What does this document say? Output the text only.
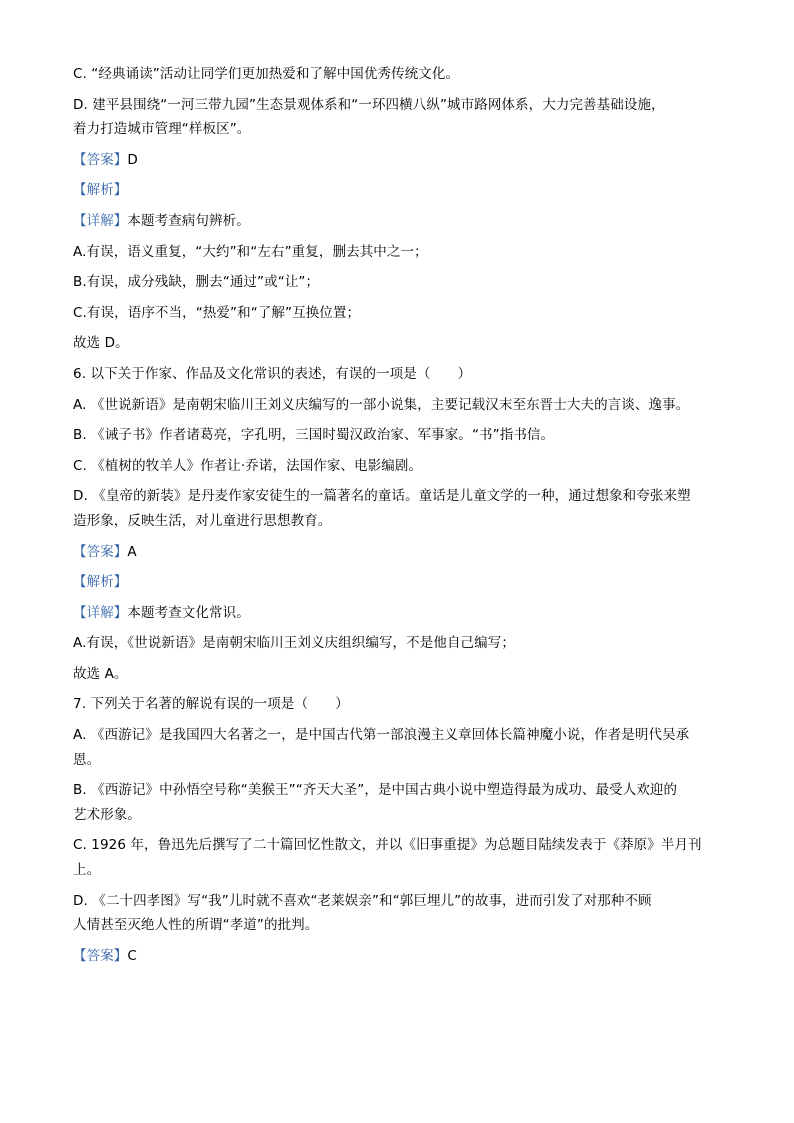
C. “经典诵读”活动让同学们更加热爱和了解中国优秀传统文化。
D. 建平县围绕“一河三带九园”生态景观体系和“一环四横八纵”城市路网体系，大力完善基础设施，
着力打造城市管理“样板区”。
【答案】D
【解析】
【详解】本题考查病句辨析。
A.有误，语义重复，“大约”和“左右”重复，删去其中之一；
B.有误，成分残缺，删去“通过”或“让”；
C.有误，语序不当，“热爱”和“了解”互换位置；
故选 D。
6. 以下关于作家、作品及文化常识的表述，有误的一项是（　　）
A. 《世说新语》是南朝宋临川王刘义庆编写的一部小说集，主要记载汉末至东晋士大夫的言谈、逸事。
B. 《诫子书》作者诸葛亮，字孔明，三国时蜀汉政治家、军事家。“书”指书信。
C. 《植树的牧羊人》作者让·乔诺，法国作家、电影编剧。
D. 《皇帝的新装》是丹麦作家安徒生的一篇著名的童话。童话是儿童文学的一种，通过想象和夸张来塑
造形象，反映生活，对儿童进行思想教育。
【答案】A
【解析】
【详解】本题考查文化常识。
A.有误，《世说新语》是南朝宋临川王刘义庆组织编写，不是他自己编写；
故选 A。
7. 下列关于名著的解说有误的一项是（　　）
A. 《西游记》是我国四大名著之一，是中国古代第一部浪漫主义章回体长篇神魔小说，作者是明代吴承
恩。
B. 《西游记》中孙悟空号称“美猴王”“齐天大圣”，是中国古典小说中塑造得最为成功、最受人欢迎的
艺术形象。
C. 1926 年，鲁迅先后撰写了二十篇回忆性散文，并以《旧事重提》为总题目陆续发表于《莽原》半月刊
上。
D. 《二十四孝图》写“我”儿时就不喜欢“老莱娱亲”和“郭巨埋儿”的故事，进而引发了对那种不顾
人情甚至灭绝人性的所谓“孝道”的批判。
【答案】C
